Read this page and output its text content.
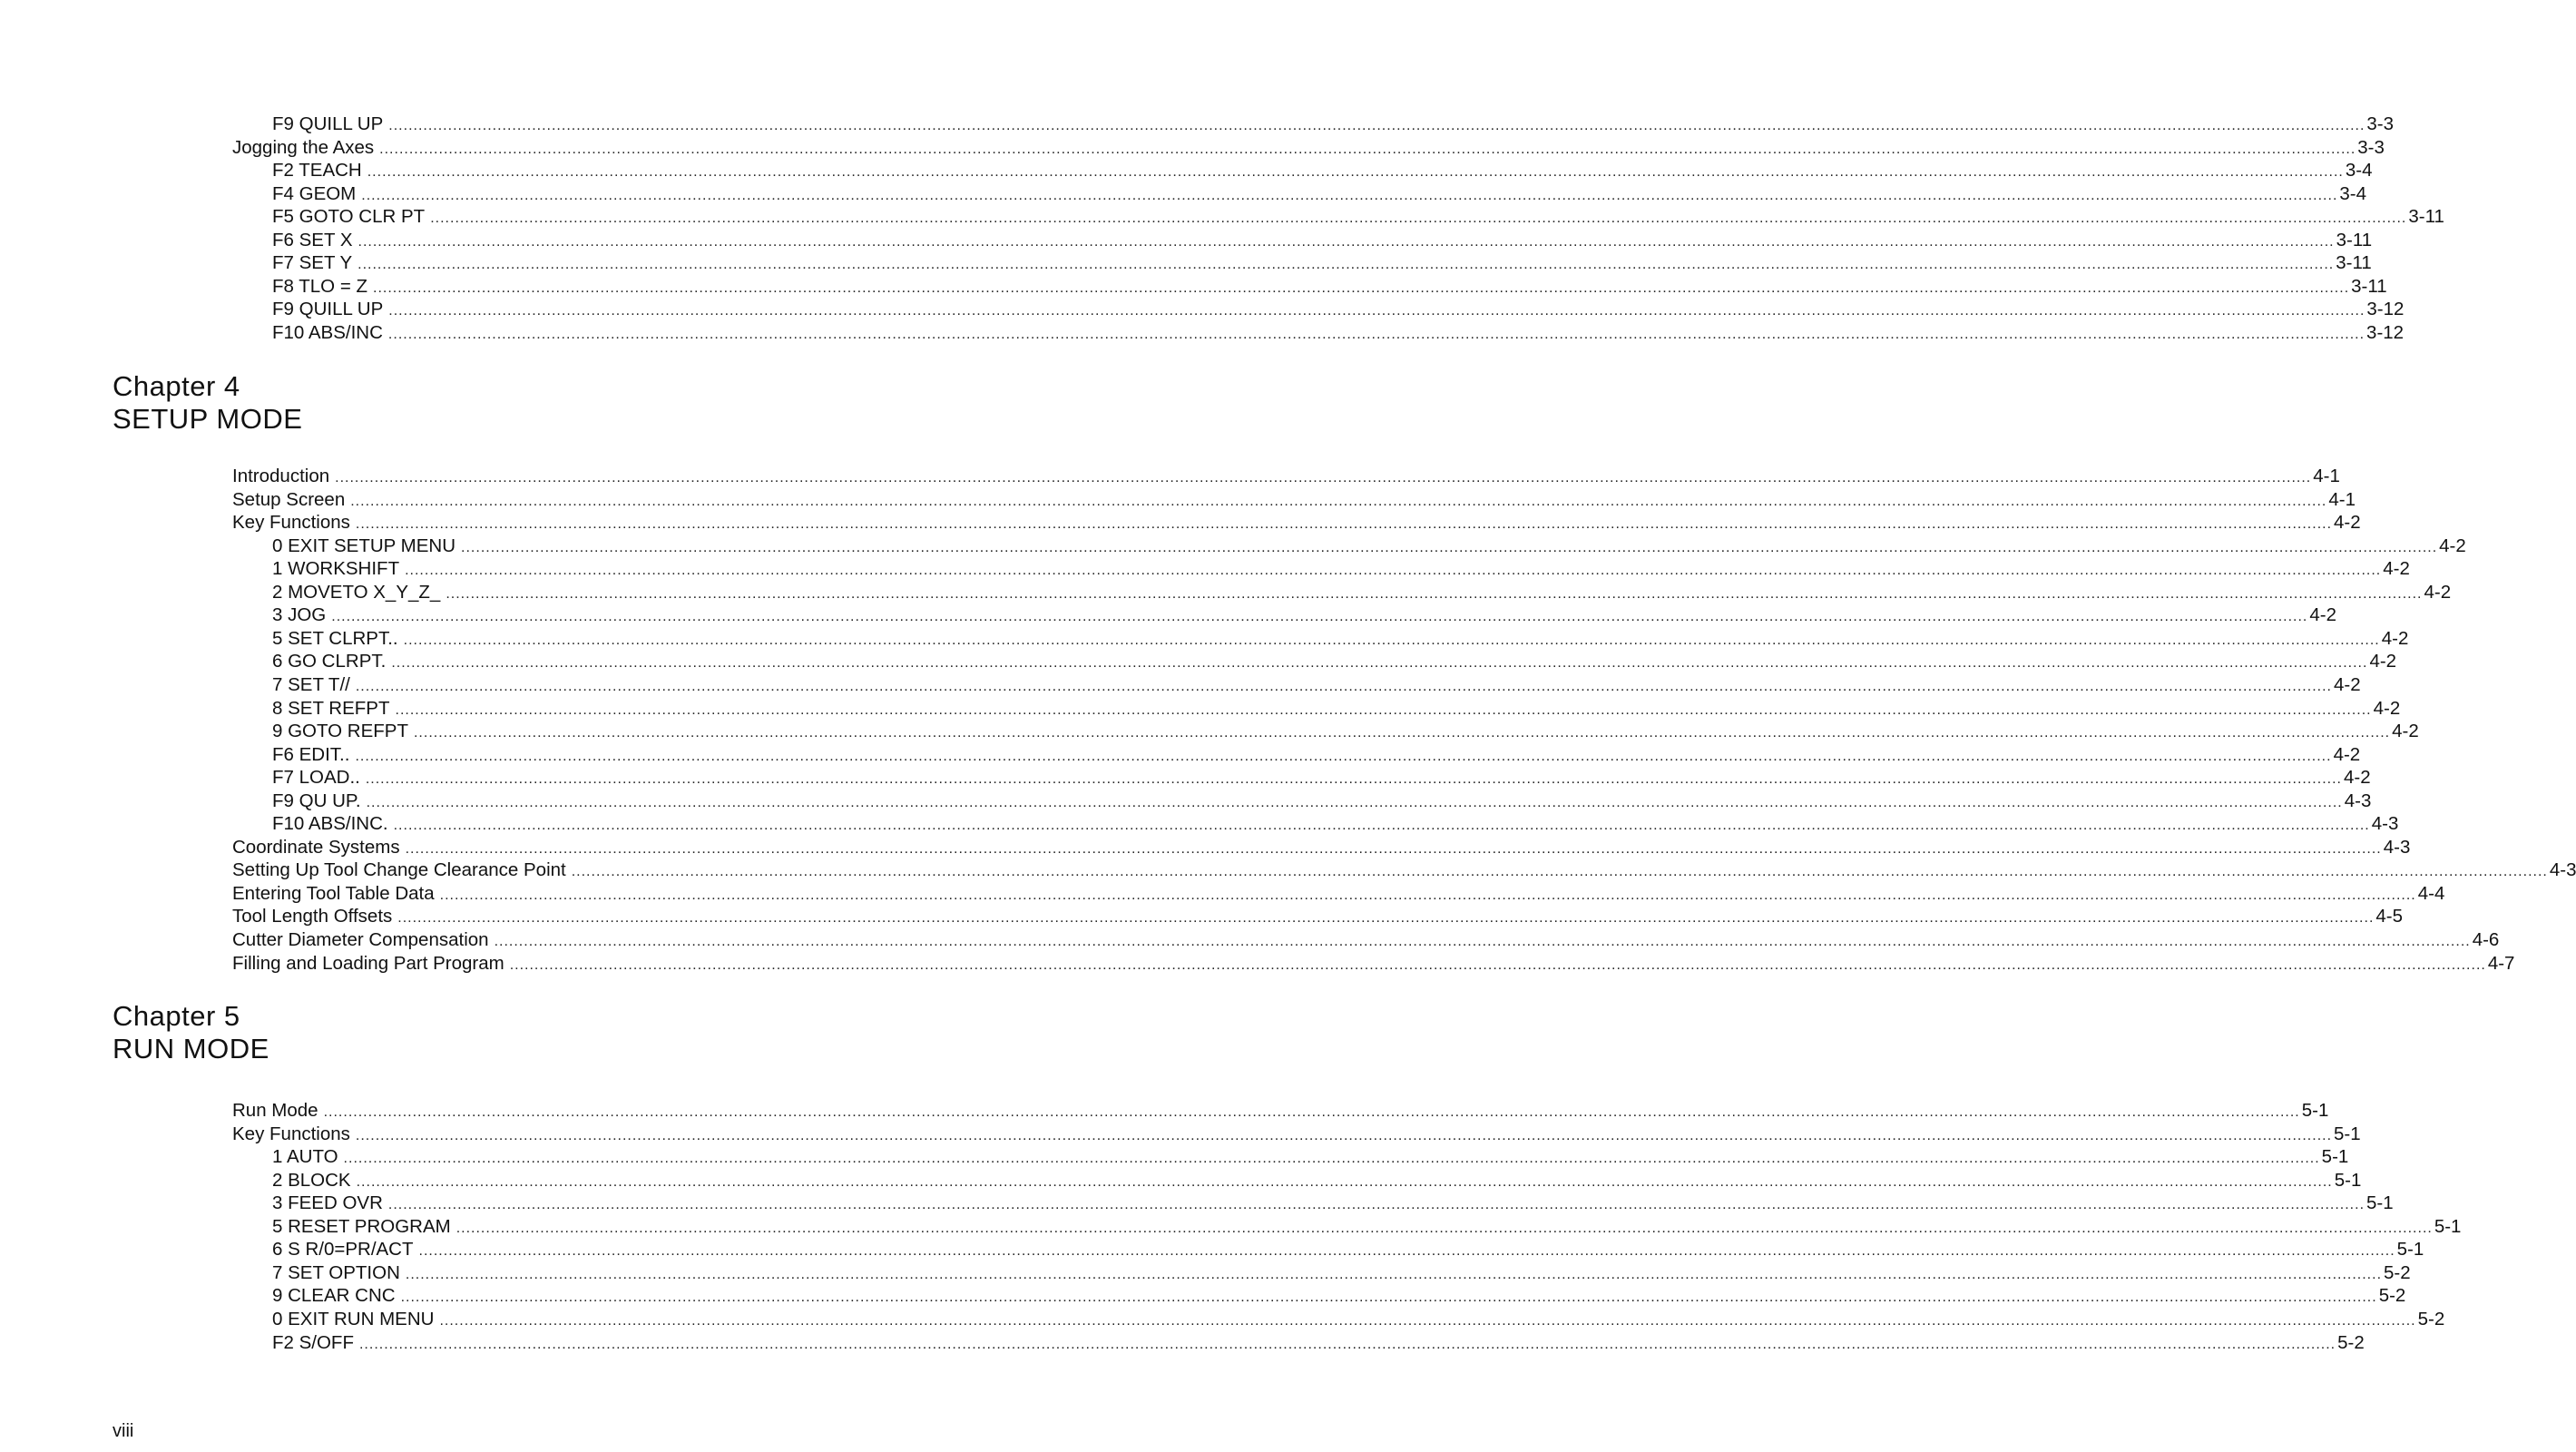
F9 QUILL UP ................................................................................................................................................................................................................................................................................................................................................................................................................ 3-3
Jogging the Axes ................................................................................................................................................................................................................................................................................................................................................................................................................ 3-3
F2 TEACH ................................................................................................................................................................................................................................................................................................................................................................................................................ 3-4
F4 GEOM ................................................................................................................................................................................................................................................................................................................................................................................................................ 3-4
F5 GOTO CLR PT ................................................................................................................................................................................................................................................................................................................................................................................................................ 3-11
F6 SET X ................................................................................................................................................................................................................................................................................................................................................................................................................ 3-11
F7 SET Y ................................................................................................................................................................................................................................................................................................................................................................................................................ 3-11
F8 TLO = Z ................................................................................................................................................................................................................................................................................................................................................................................................................ 3-11
F9 QUILL UP ................................................................................................................................................................................................................................................................................................................................................................................................................ 3-12
F10 ABS/INC ................................................................................................................................................................................................................................................................................................................................................................................................................ 3-12
Chapter 4
SETUP MODE
Introduction ................................................................................................................................................................................................................................................................................................................................................................................................................ 4-1
Setup Screen ................................................................................................................................................................................................................................................................................................................................................................................................................ 4-1
Key Functions ................................................................................................................................................................................................................................................................................................................................................................................................................ 4-2
0 EXIT SETUP MENU ................................................................................................................................................................................................................................................................................................................................................................................................................ 4-2
1 WORKSHIFT ................................................................................................................................................................................................................................................................................................................................................................................................................ 4-2
2 MOVETO X_Y_Z_ ................................................................................................................................................................................................................................................................................................................................................................................................................ 4-2
3 JOG ................................................................................................................................................................................................................................................................................................................................................................................................................ 4-2
5 SET CLRPT.. ................................................................................................................................................................................................................................................................................................................................................................................................................ 4-2
6 GO CLRPT. ................................................................................................................................................................................................................................................................................................................................................................................................................ 4-2
7 SET T// ................................................................................................................................................................................................................................................................................................................................................................................................................ 4-2
8 SET REFPT ................................................................................................................................................................................................................................................................................................................................................................................................................ 4-2
9 GOTO REFPT ................................................................................................................................................................................................................................................................................................................................................................................................................ 4-2
F6 EDIT.. ................................................................................................................................................................................................................................................................................................................................................................................................................ 4-2
F7 LOAD.. ................................................................................................................................................................................................................................................................................................................................................................................................................ 4-2
F9 QU UP. ................................................................................................................................................................................................................................................................................................................................................................................................................ 4-3
F10 ABS/INC. ................................................................................................................................................................................................................................................................................................................................................................................................................ 4-3
Coordinate Systems ................................................................................................................................................................................................................................................................................................................................................................................................................ 4-3
Setting Up Tool Change Clearance Point ................................................................................................................................................................................................................................................................................................................................................................................................................ 4-3
Entering Tool Table Data ................................................................................................................................................................................................................................................................................................................................................................................................................ 4-4
Tool Length Offsets ................................................................................................................................................................................................................................................................................................................................................................................................................ 4-5
Cutter Diameter Compensation ................................................................................................................................................................................................................................................................................................................................................................................................................ 4-6
Filling and Loading Part Program ................................................................................................................................................................................................................................................................................................................................................................................................................ 4-7
Chapter 5
RUN MODE
Run Mode ................................................................................................................................................................................................................................................................................................................................................................................................................ 5-1
Key Functions ................................................................................................................................................................................................................................................................................................................................................................................................................ 5-1
1 AUTO ................................................................................................................................................................................................................................................................................................................................................................................................................ 5-1
2 BLOCK ................................................................................................................................................................................................................................................................................................................................................................................................................ 5-1
3 FEED OVR ................................................................................................................................................................................................................................................................................................................................................................................................................ 5-1
5 RESET PROGRAM ................................................................................................................................................................................................................................................................................................................................................................................................................ 5-1
6 S R/0=PR/ACT ................................................................................................................................................................................................................................................................................................................................................................................................................ 5-1
7 SET OPTION ................................................................................................................................................................................................................................................................................................................................................................................................................ 5-2
9 CLEAR CNC ................................................................................................................................................................................................................................................................................................................................................................................................................ 5-2
0 EXIT RUN MENU ................................................................................................................................................................................................................................................................................................................................................................................................................ 5-2
F2 S/OFF ................................................................................................................................................................................................................................................................................................................................................................................................................ 5-2
viii
